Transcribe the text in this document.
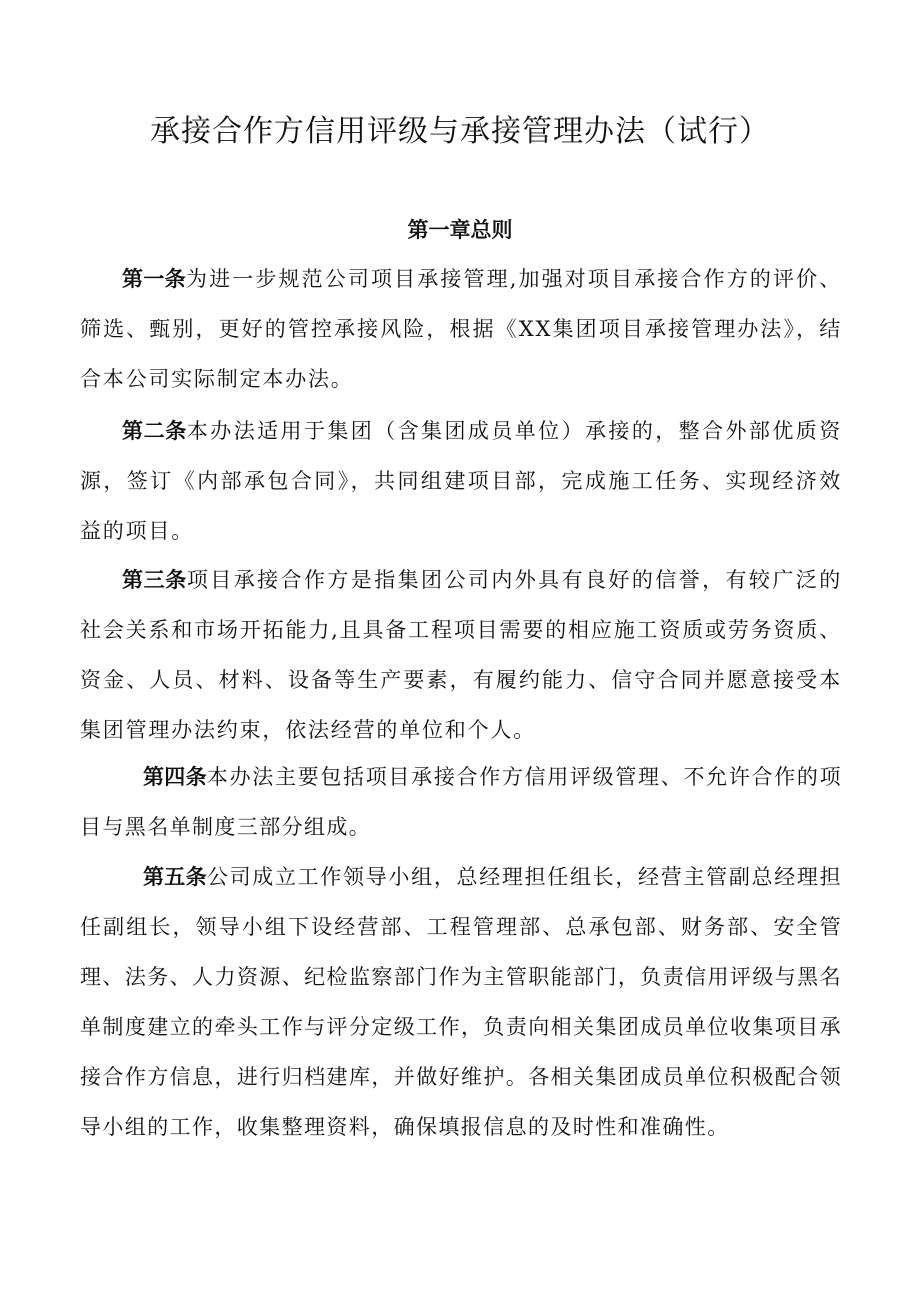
承接合作方信用评级与承接管理办法（试行）
第一章总则

第一条为进一步规范公司项目承接管理,加强对项目承接合作方的评价、筛选、甄别，更好的管控承接风险，根据《XX集团项目承接管理办法》，结合本公司实际制定本办法。

第二条本办法适用于集团（含集团成员单位）承接的，整合外部优质资源，签订《内部承包合同》，共同组建项目部，完成施工任务、实现经济效益的项目。

第三条项目承接合作方是指集团公司内外具有良好的信誉，有较广泛的社会关系和市场开拓能力,且具备工程项目需要的相应施工资质或劳务资质、资金、人员、材料、设备等生产要素，有履约能力、信守合同并愿意接受本集团管理办法约束，依法经营的单位和个人。

第四条本办法主要包括项目承接合作方信用评级管理、不允许合作的项目与黑名单制度三部分组成。

第五条公司成立工作领导小组，总经理担任组长，经营主管副总经理担任副组长，领导小组下设经营部、工程管理部、总承包部、财务部、安全管理、法务、人力资源、纪检监察部门作为主管职能部门，负责信用评级与黑名单制度建立的牵头工作与评分定级工作，负责向相关集团成员单位收集项目承接合作方信息，进行归档建库，并做好维护。各相关集团成员单位积极配合领导小组的工作，收集整理资料，确保填报信息的及时性和准确性。
